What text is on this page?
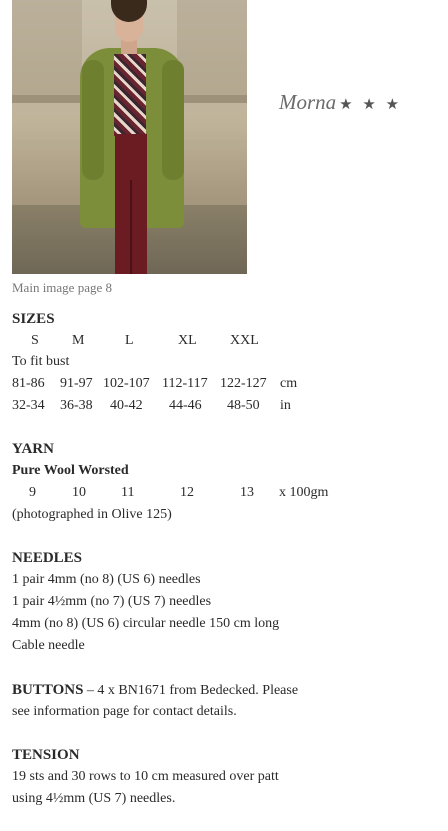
Morna ★ ★ ★
Main image page 8
SIZES
S M	L	XL XXL
To fit bust
81-86 91-97 102-107 112-117 122-127 cm
32-34 36-38 40-42 44-46 48-50 in
YARN
Pure Wool Worsted
9	10	11	12	13 x 100gm
(photographed in Olive 125)
NEEDLES
1 pair 4mm (no 8) (US 6) needles
1 pair 4½mm (no 7) (US 7) needles
4mm (no 8) (US 6) circular needle 150 cm long
Cable needle
BUTTONS – 4 x BN1671 from Bedecked. Please
see information page for contact details.
TENSION
19 sts and 30 rows to 10 cm measured over patt
using 4½mm (US 7) needles.
